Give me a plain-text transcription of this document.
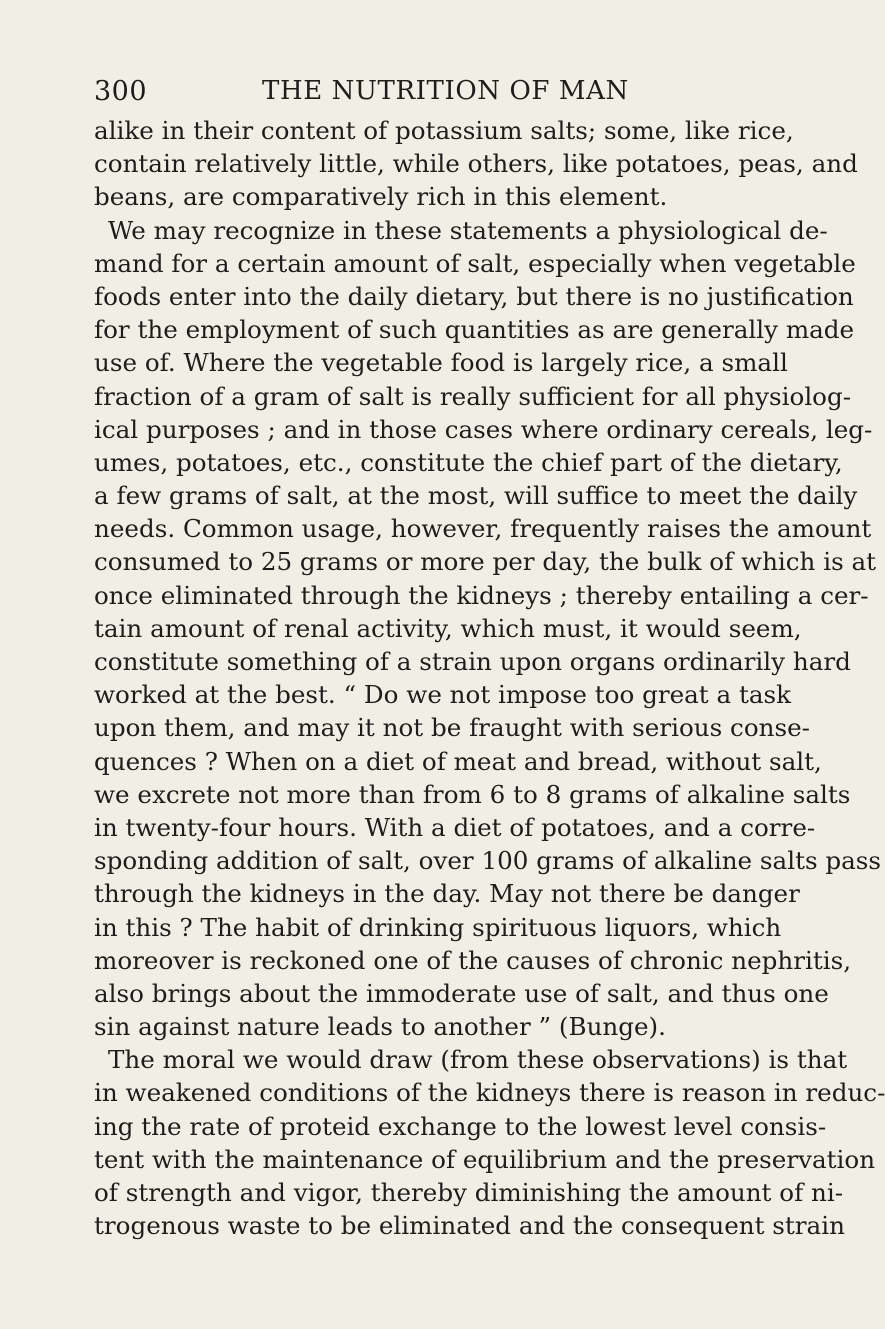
300	THE NUTRITION OF MAN
alike in their content of potassium salts; some, like rice,
contain relatively little, while others, like potatoes, peas, and
beans, are comparatively rich in this element.
We may recognize in these statements a physiological de-
mand for a certain amount of salt, especially when vegetable
foods enter into the daily dietary, but there is no justification
for the employment of such quantities as are generally made
use of. Where the vegetable food is largely rice, a small
fraction of a gram of salt is really sufficient for all physiolog-
ical purposes ; and in those cases where ordinary cereals, leg-
umes, potatoes, etc., constitute the chief part of the dietary,
a few grams of salt, at the most, will suffice to meet the daily
needs. Common usage, however, frequently raises the amount
consumed to 25 grams or more per day, the bulk of which is at
once eliminated through the kidneys ; thereby entailing a cer-
tain amount of renal activity, which must, it would seem,
constitute something of a strain upon organs ordinarily hard
worked at the best. “ Do we not impose too great a task
upon them, and may it not be fraught with serious conse-
quences ? When on a diet of meat and bread, without salt,
we excrete not more than from 6 to 8 grams of alkaline salts
in twenty-four hours. With a diet of potatoes, and a corre-
sponding addition of salt, over 100 grams of alkaline salts pass
through the kidneys in the day. May not there be danger
in this ? The habit of drinking spirituous liquors, which
moreover is reckoned one of the causes of chronic nephritis,
also brings about the immoderate use of salt, and thus one
sin against nature leads to another ” (Bunge).
The moral we would draw (from these observations) is that
in weakened conditions of the kidneys there is reason in reduc-
ing the rate of proteid exchange to the lowest level consis-
tent with the maintenance of equilibrium and the preservation
of strength and vigor, thereby diminishing the amount of ni-
trogenous waste to be eliminated and the consequent strain
